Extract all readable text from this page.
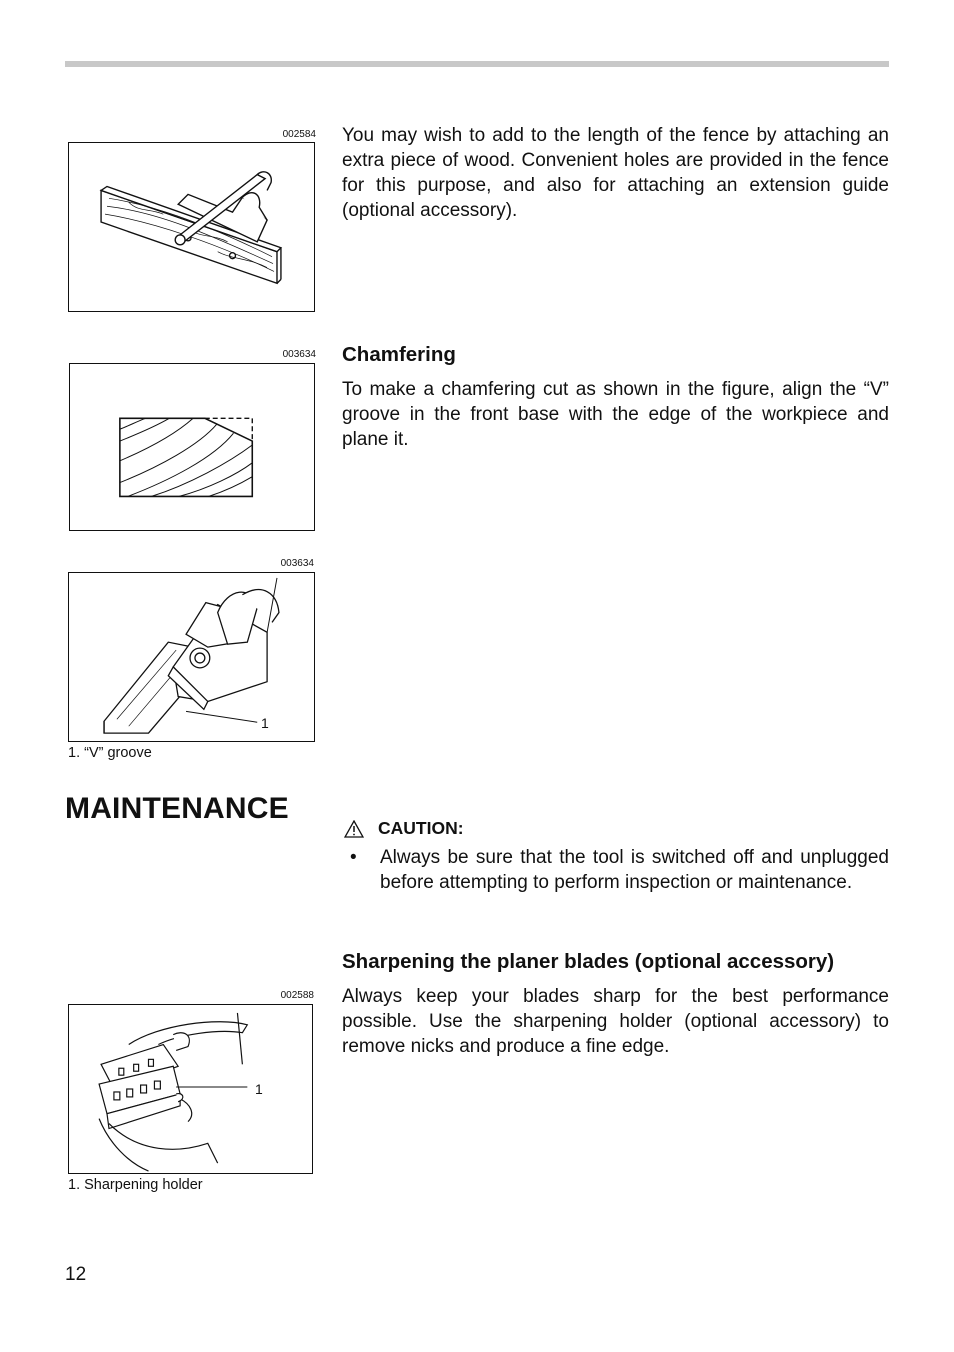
002584 You may wish to add to the length of the fence by attaching an extra piece of wood. Convenient holes are provided in the fence for this purpose, and also for attaching an extension guide (optional accessory).

003634 Chamfering

To make a chamfering cut as shown in the figure, align the “V” groove in the front base with the edge of the workpiece and plane it.

003634
1
1. “V” groove
MAINTENANCE
CAUTION:
• Always be sure that the tool is switched off and unplugged before attempting to perform inspection or maintenance.

Sharpening the planer blades (optional accessory)

Always keep your blades sharp for the best performance possible. Use the sharpening holder (optional accessory) to remove nicks and produce a fine edge.

002588
1
1. Sharpening holder
12
